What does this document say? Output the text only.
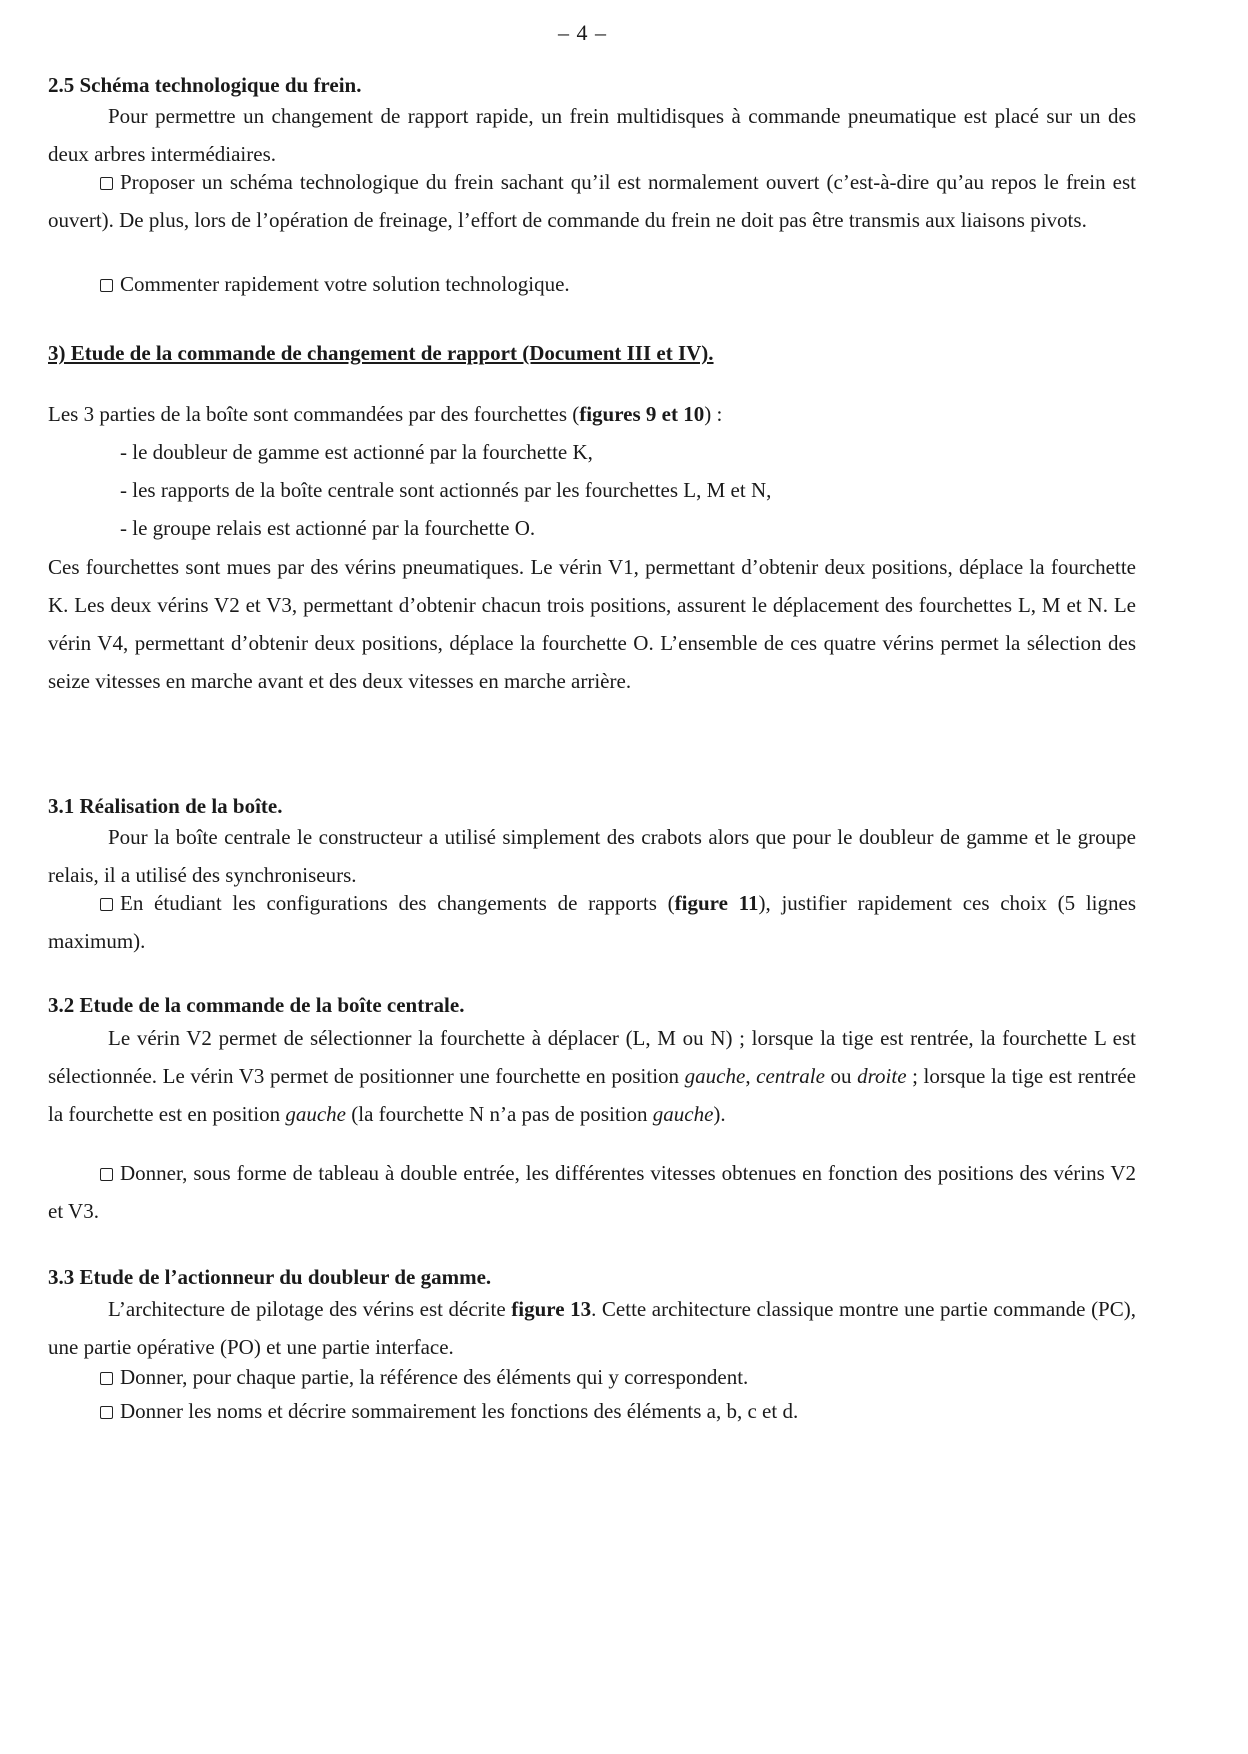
– 4 –
2.5 Schéma technologique du frein.
Pour permettre un changement de rapport rapide, un frein multidisques à commande pneumatique est placé sur un des deux arbres intermédiaires.
Proposer un schéma technologique du frein sachant qu’il est normalement ouvert (c’est-à-dire qu’au repos le frein est ouvert). De plus, lors de l’opération de freinage, l’effort de commande du frein ne doit pas être transmis aux liaisons pivots.
Commenter rapidement votre solution technologique.
3) Etude de la commande de changement de rapport (Document III et IV).
Les 3 parties de la boîte sont commandées par des fourchettes (figures 9 et 10) :
- le doubleur de gamme est actionné par la fourchette K,
- les rapports de la boîte centrale sont actionnés par les fourchettes L, M et N,
- le groupe relais est actionné par la fourchette O.
Ces fourchettes sont mues par des vérins pneumatiques. Le vérin V1, permettant d’obtenir deux positions, déplace la fourchette K. Les deux vérins V2 et V3, permettant d’obtenir chacun trois positions, assurent le déplacement des fourchettes L, M et N. Le vérin V4, permettant d’obtenir deux positions, déplace la fourchette O. L’ensemble de ces quatre vérins permet la sélection des seize vitesses en marche avant et des deux vitesses en marche arrière.
3.1 Réalisation de la boîte.
Pour la boîte centrale le constructeur a utilisé simplement des crabots alors que pour le doubleur de gamme et le groupe relais, il a utilisé des synchroniseurs.
En étudiant les configurations des changements de rapports (figure 11), justifier rapidement ces choix (5 lignes maximum).
3.2 Etude de la commande de la boîte centrale.
Le vérin V2 permet de sélectionner la fourchette à déplacer (L, M ou N) ; lorsque la tige est rentrée, la fourchette L est sélectionnée. Le vérin V3 permet de positionner une fourchette en position gauche, centrale ou droite ; lorsque la tige est rentrée la fourchette est en position gauche (la fourchette N n’a pas de position gauche).
Donner, sous forme de tableau à double entrée, les différentes vitesses obtenues en fonction des positions des vérins V2 et V3.
3.3 Etude de l’actionneur du doubleur de gamme.
L’architecture de pilotage des vérins est décrite figure 13. Cette architecture classique montre une partie commande (PC), une partie opérative (PO) et une partie interface.
Donner, pour chaque partie, la référence des éléments qui y correspondent.
Donner les noms et décrire sommairement les fonctions des éléments a, b, c et d.
